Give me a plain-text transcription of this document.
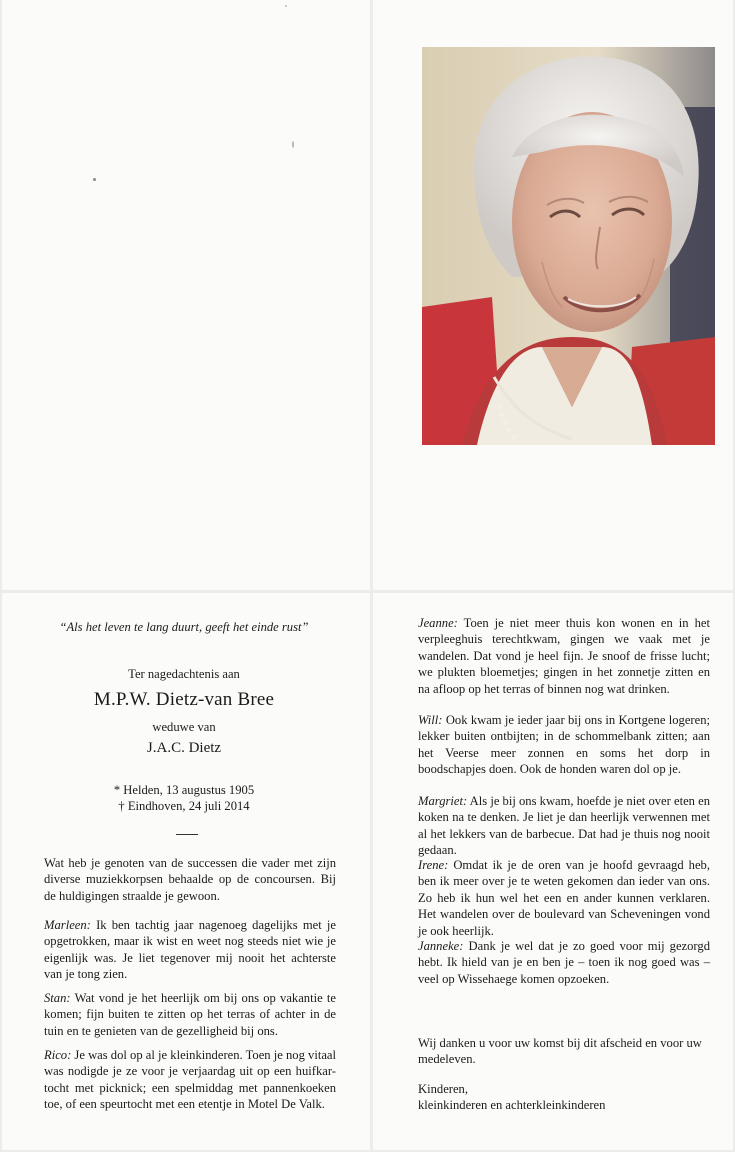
“Als het leven te lang duurt, geeft het einde rust”
Ter nagedachtenis aan
M.P.W. Dietz-van Bree
weduwe van
J.A.C. Dietz
* Helden, 13 augustus 1905
† Eindhoven, 24 juli 2014
Wat heb je genoten van de successen die vader met zijn diverse muziekkorpsen behaalde op de concoursen. Bij de huldigingen straalde je gewoon.
Marleen: Ik ben tachtig jaar nagenoeg dagelijks met je opgetrokken, maar ik wist en weet nog steeds niet wie je eigenlijk was. Je liet tegenover mij nooit het achterste van je tong zien.
Stan: Wat vond je het heerlijk om bij ons op vakantie te komen; fijn buiten te zitten op het terras of achter in de tuin en te genieten van de gezelligheid bij ons.
Rico: Je was dol op al je kleinkinderen. Toen je nog vitaal was nodigde je ze voor je verjaardag uit op een huifkar-tocht met picknick; een spelmiddag met pannenkoeken toe, of een speurtocht met een etentje in Motel De Valk.
Jeanne: Toen je niet meer thuis kon wonen en in het verpleeghuis terechtkwam, gingen we vaak met je wandelen. Dat vond je heel fijn. Je snoof de frisse lucht; we plukten bloemetjes; gingen in het zonnetje zitten en na afloop op het terras of binnen nog wat drinken.
Will: Ook kwam je ieder jaar bij ons in Kortgene logeren; lekker buiten ontbijten; in de schommelbank zitten; aan het Veerse meer zonnen en soms het dorp in boodschapjes doen. Ook de honden waren dol op je.
Margriet: Als je bij ons kwam, hoefde je niet over eten en koken na te denken. Je liet je dan heerlijk verwennen met al het lekkers van de barbecue. Dat had je thuis nog nooit gedaan.
Irene: Omdat ik je de oren van je hoofd gevraagd heb, ben ik meer over je te weten gekomen dan ieder van ons. Zo heb ik hun wel het een en ander kunnen verklaren. Het wandelen over de boulevard van Scheveningen vond je ook heerlijk.
Janneke: Dank je wel dat je zo goed voor mij gezorgd hebt. Ik hield van je en ben je – toen ik nog goed was – veel op Wissehaege komen opzoeken.
Wij danken u voor uw komst bij dit afscheid en voor uw medeleven.
Kinderen,
kleinkinderen en achterkleinkinderen
